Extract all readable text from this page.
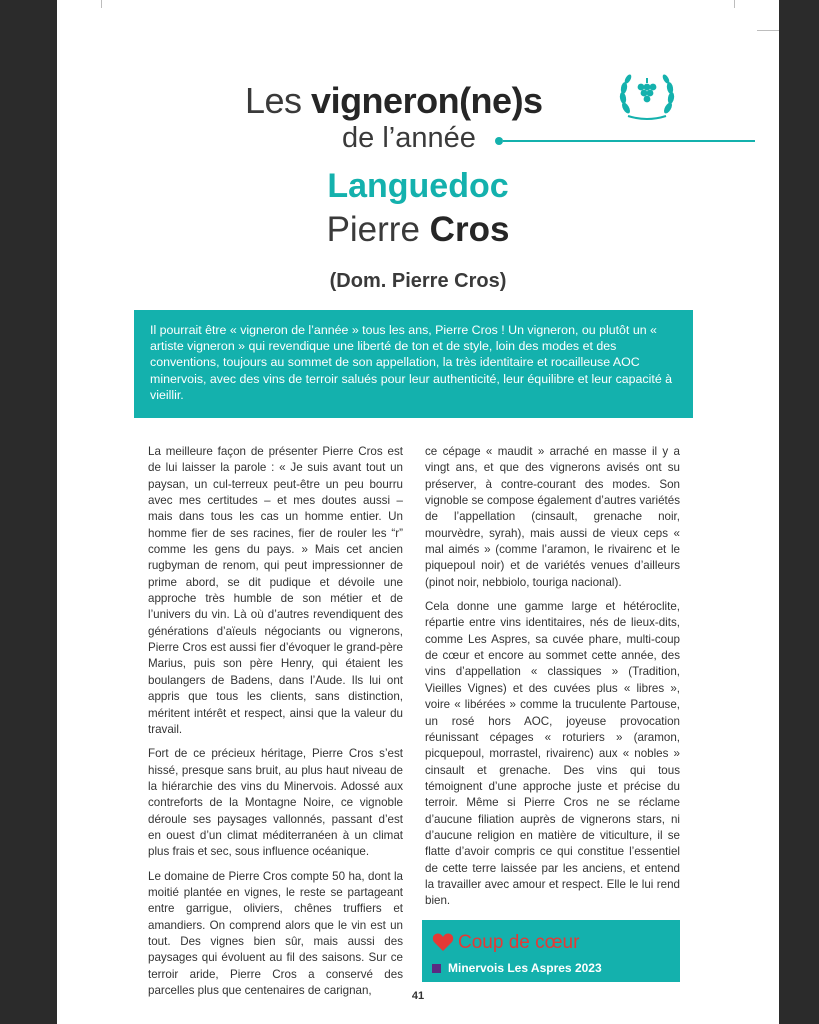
Les vigneron(ne)s
de l’année
Languedoc
Pierre Cros
(Dom. Pierre Cros)
Il pourrait être « vigneron de l’année » tous les ans, Pierre Cros ! Un vigneron, ou plutôt un « artiste vigneron » qui revendique une liberté de ton et de style, loin des modes et des conventions, toujours au sommet de son appellation, la très identitaire et rocailleuse AOC minervois, avec des vins de terroir salués pour leur authenticité, leur équilibre et leur capacité à vieillir.

La meilleure façon de présenter Pierre Cros est de lui laisser la parole : « Je suis avant tout un paysan, un cul-terreux peut-être un peu bourru avec mes certitudes – et mes doutes aussi – mais dans tous les cas un homme entier. Un homme fier de ses racines, fier de rouler les “r” comme les gens du pays. » Mais cet ancien rugbyman de renom, qui peut impressionner de prime abord, se dit pudique et dévoile une approche très humble de son métier et de l’univers du vin. Là où d’autres revendiquent des générations d’aïeuls négociants ou vignerons, Pierre Cros est aussi fier d’évoquer le grand-père Marius, puis son père Henry, qui étaient les boulangers de Badens, dans l’Aude. Ils lui ont appris que tous les clients, sans distinction, méritent intérêt et respect, ainsi que la valeur du travail.

Fort de ce précieux héritage, Pierre Cros s’est hissé, presque sans bruit, au plus haut niveau de la hiérarchie des vins du Minervois. Adossé aux contreforts de la Montagne Noire, ce vignoble déroule ses paysages vallonnés, passant d’est en ouest d’un climat méditerranéen à un climat plus frais et sec, sous influence océanique.

Le domaine de Pierre Cros compte 50 ha, dont la moitié plantée en vignes, le reste se partageant entre garrigue, oliviers, chênes truffiers et amandiers. On comprend alors que le vin est un tout. Des vignes bien sûr, mais aussi des paysages qui évoluent au fil des saisons. Sur ce terroir aride, Pierre Cros a conservé des parcelles plus que centenaires de carignan,

ce cépage « maudit » arraché en masse il y a vingt ans, et que des vignerons avisés ont su préserver, à contre-courant des modes. Son vignoble se compose également d’autres variétés de l’appellation (cinsault, grenache noir, mourvèdre, syrah), mais aussi de vieux ceps « mal aimés » (comme l’aramon, le rivairenc et le piquepoul noir) et de variétés venues d’ailleurs (pinot noir, nebbiolo, touriga nacional).

Cela donne une gamme large et hétéroclite, répartie entre vins identitaires, nés de lieux-dits, comme Les Aspres, sa cuvée phare, multi-coup de cœur et encore au sommet cette année, des vins d’appellation « classiques » (Tradition, Vieilles Vignes) et des cuvées plus « libres », voire « libérées » comme la truculente Partouse, un rosé hors AOC, joyeuse provocation réunissant cépages « roturiers » (aramon, picquepoul, morrastel, rivairenc) aux « nobles » cinsault et grenache. Des vins qui tous témoignent d’une approche juste et précise du terroir. Même si Pierre Cros ne se réclame d’aucune filiation auprès de vignerons stars, ni d’aucune religion en matière de viticulture, il se flatte d’avoir compris ce qui constitue l’essentiel de cette terre laissée par les anciens, et entend la travailler avec amour et respect. Elle le lui rend bien.

Coup de cœur
Minervois Les Aspres 2023
41
